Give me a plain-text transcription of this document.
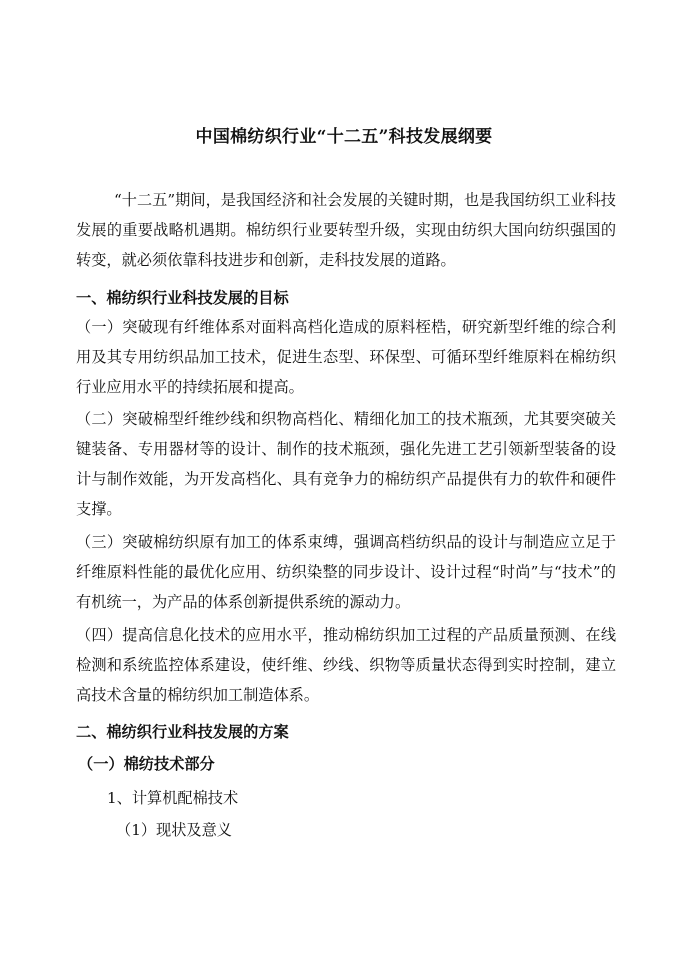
中国棉纺织行业“十二五”科技发展纲要

“十二五”期间，是我国经济和社会发展的关键时期，也是我国纺织工业科技发展的重要战略机遇期。棉纺织行业要转型升级，实现由纺织大国向纺织强国的转变，就必须依靠科技进步和创新，走科技发展的道路。

一、棉纺织行业科技发展的目标

（一）突破现有纤维体系对面料高档化造成的原料桎梏，研究新型纤维的综合利用及其专用纺织品加工技术，促进生态型、环保型、可循环型纤维原料在棉纺织行业应用水平的持续拓展和提高。

（二）突破棉型纤维纱线和织物高档化、精细化加工的技术瓶颈，尤其要突破关键装备、专用器材等的设计、制作的技术瓶颈，强化先进工艺引领新型装备的设计与制作效能，为开发高档化、具有竞争力的棉纺织产品提供有力的软件和硬件支撑。

（三）突破棉纺织原有加工的体系束缚，强调高档纺织品的设计与制造应立足于纤维原料性能的最优化应用、纺织染整的同步设计、设计过程“时尚”与“技术”的有机统一，为产品的体系创新提供系统的源动力。

（四）提高信息化技术的应用水平，推动棉纺织加工过程的产品质量预测、在线检测和系统监控体系建设，使纤维、纱线、织物等质量状态得到实时控制，建立高技术含量的棉纺织加工制造体系。

二、棉纺织行业科技发展的方案
（一）棉纺技术部分
1、计算机配棉技术
（1）现状及意义
